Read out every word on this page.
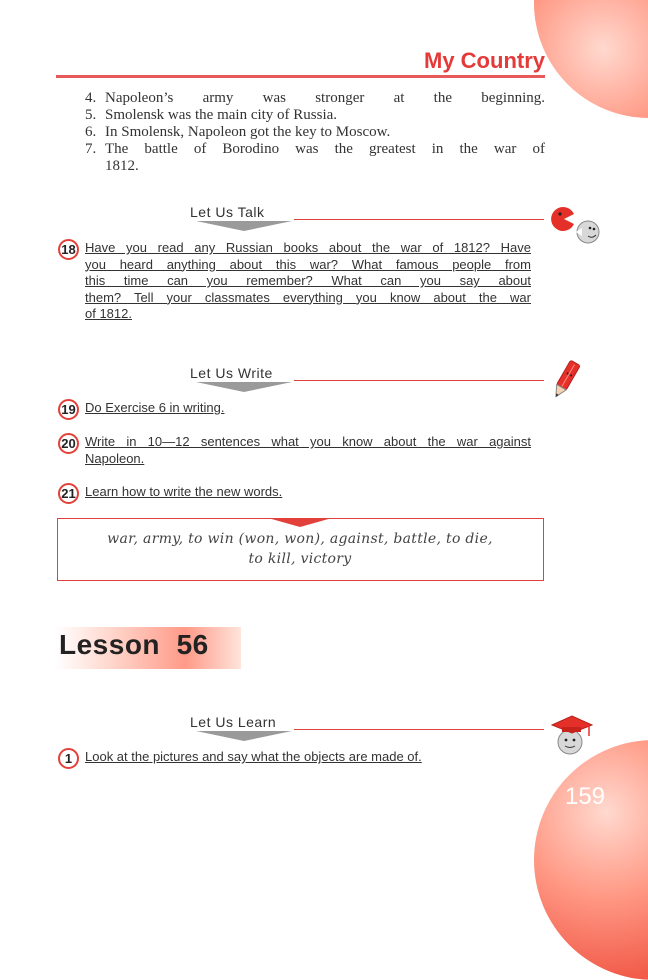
My Country
4. Napoleon’s army was stronger at the beginning.
5. Smolensk was the main city of Russia.
6. In Smolensk, Napoleon got the key to Moscow.
7. The battle of Borodino was the greatest in the war of
1812.
Let Us Talk
18 Have you read any Russian books about the war of 1812? Have
you heard anything about this war? What famous people from
this time can you remember? What can you say about
them? Tell your classmates everything you know about the war
of 1812.
Let Us Write
19 Do Exercise 6 in writing.
20 Write in 10—12 sentences what you know about the war against
Napoleon.
21 Learn how to write the new words.
war, army, to win (won, won), against, battle, to die,
to kill, victory
Lesson  56
Let Us Learn
1 Look at the pictures and say what the objects are made of.
159
